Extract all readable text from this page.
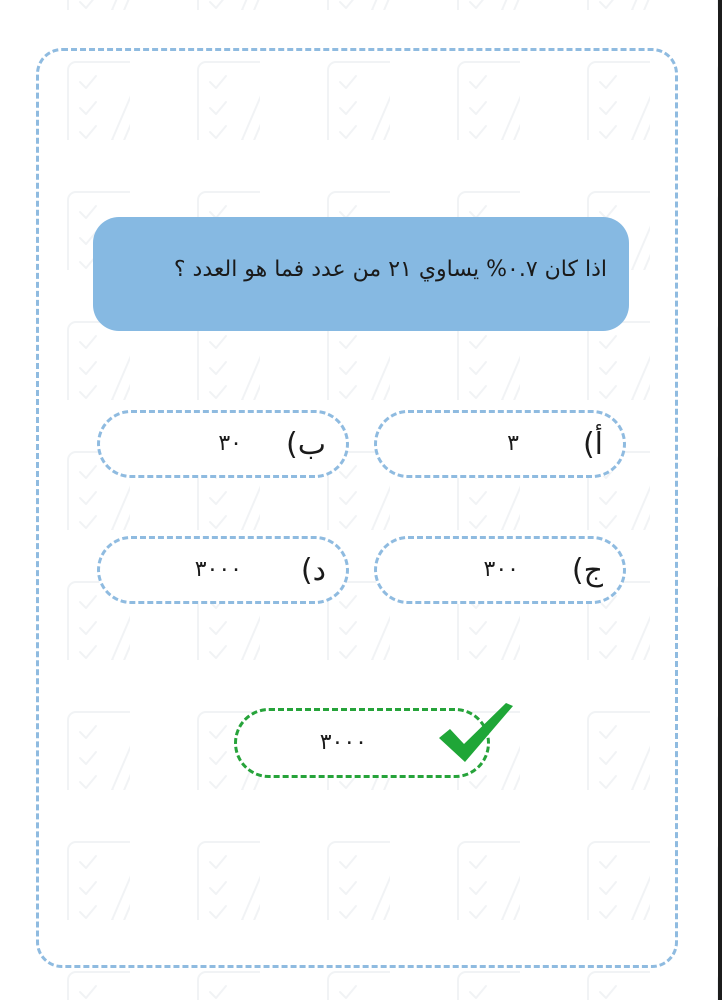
اذا كان ٠.٧% يساوي ٢١ من عدد فما هو العدد ؟
أ)
٣
ب)
٣٠
ج)
٣٠٠
د)
٣٠٠٠
٣٠٠٠
